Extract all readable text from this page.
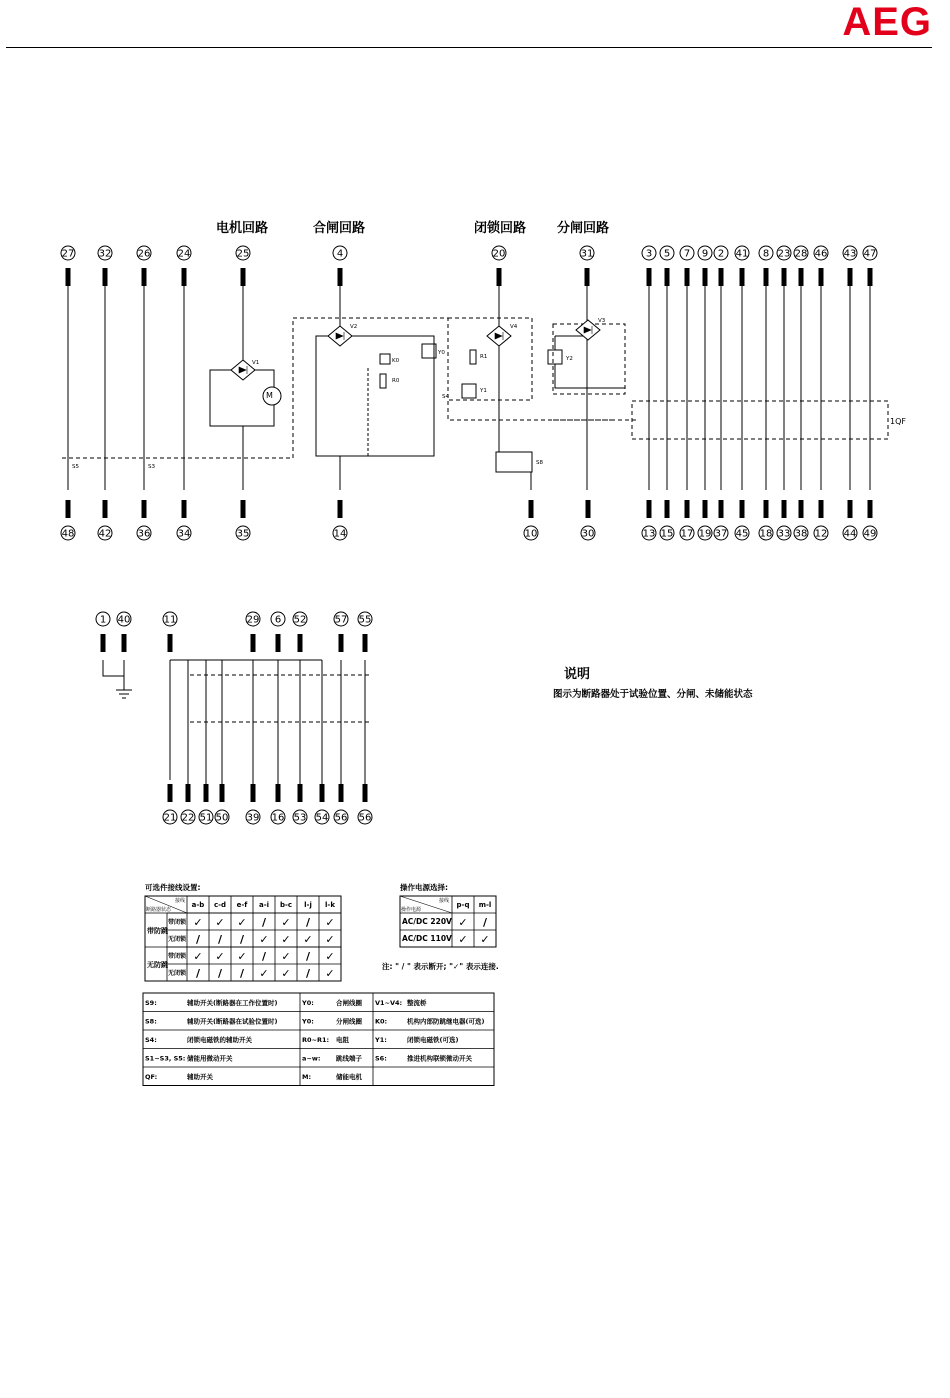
AEG
电机回路	合闸回路	闭锁回路 分闸回路
27 32	26	24	25	4	20	31	3 5 7 9 2 41 8 23 28 46 43 47
48 42	36	34	35	14	10	30	13 15 17 19 37 45 18 33 38 12 44 49
1 40	11	29 6 52	57 55
21 22 51 50 39 16 53 54 56 56
V1
M
V2	V4
V3
K0
R0
R1
Y0
Y1
Y2
S4
S8
1QF
S5	S3
说明
图示为断路器处于试验位置、分闸、未储能状态
可选件接线设置:
接线
断路器状态
a-b c-d e-f a-i b-c l-j l-k
带防跳
带闭锁 ✓ ✓ ✓ / ✓ / ✓
无闭锁 / / / ✓ ✓ ✓ ✓
无防跳
带闭锁 ✓ ✓ ✓ / ✓ / ✓
无闭锁 / / / ✓ ✓ / ✓
操作电源选择:
接线
操作电源
p-q m-l
AC/DC 220V ✓ /
AC/DC 110V ✓ ✓
注: " / " 表示断开; "✓" 表示连接.
S9:	辅助开关(断路器在工作位置时)	Y0:	合闸线圈 V1~V4: 整流桥
S8:	辅助开关(断路器在试验位置时)	Y0:	分闸线圈 K0:	机构内部防跳继电器(可选)
S4:	闭锁电磁铁的辅助开关	R0~R1: 电阻	Y1:	闭锁电磁铁(可选)
S1~S3, S5: 储能用微动开关	a~w: 跳线端子 S6:	推进机构联锁微动开关
QF:	辅助开关	M:	储能电机
